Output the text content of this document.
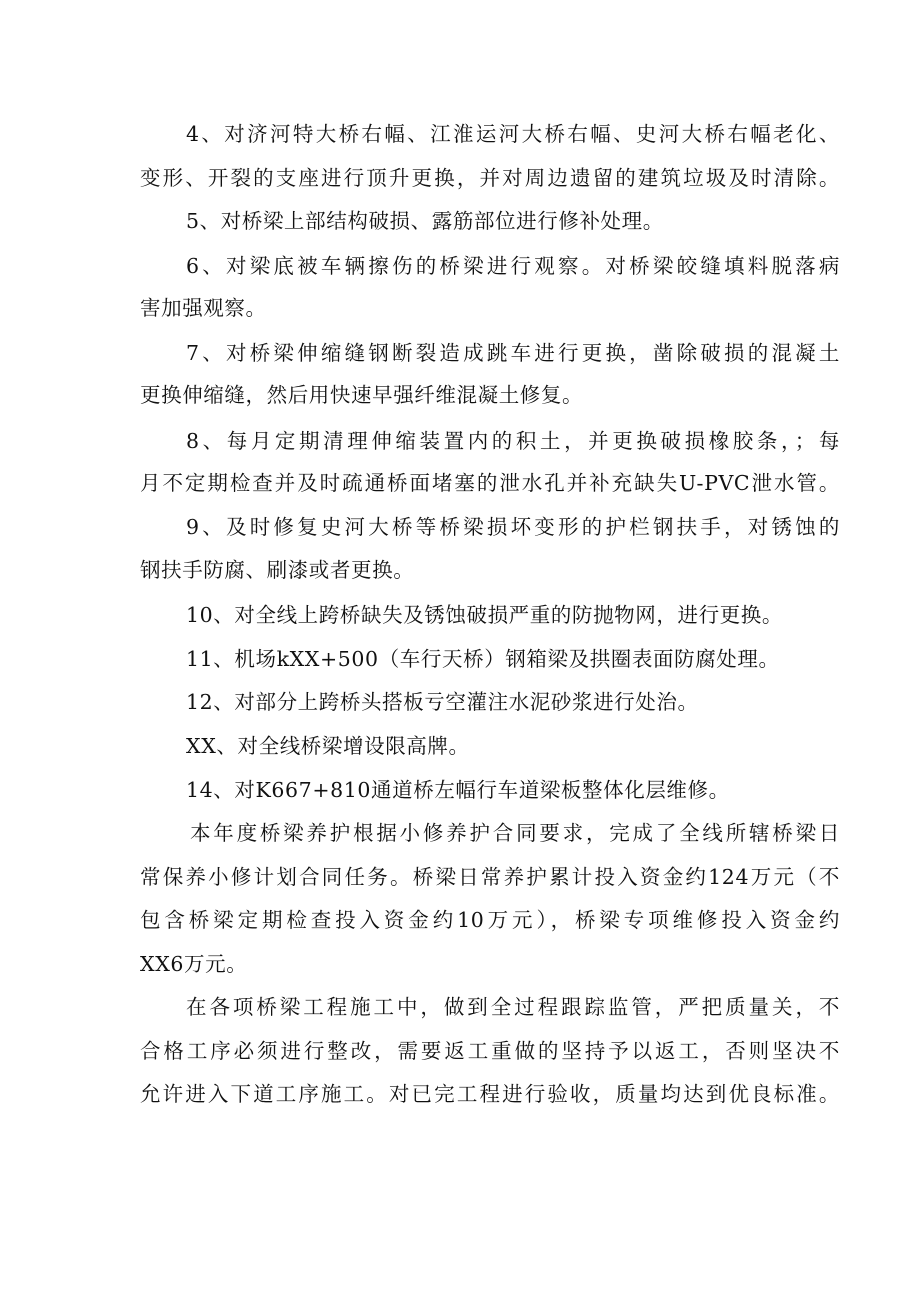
4、对济河特大桥右幅、江淮运河大桥右幅、史河大桥右幅老化、
变形、开裂的支座进行顶升更换，并对周边遗留的建筑垃圾及时清除。
5、对桥梁上部结构破损、露筋部位进行修补处理。
6、对梁底被车辆擦伤的桥梁进行观察。对桥梁皎缝填料脱落病
害加强观察。
7、对桥梁伸缩缝钢断裂造成跳车进行更换，凿除破损的混凝土
更换伸缩缝，然后用快速早强纤维混凝土修复。
8、每月定期清理伸缩装置内的积土，并更换破损橡胶条，；每
月不定期检查并及时疏通桥面堵塞的泄水孔并补充缺失U-PVC泄水管。
9、及时修复史河大桥等桥梁损坏变形的护栏钢扶手，对锈蚀的
钢扶手防腐、刷漆或者更换。
10、对全线上跨桥缺失及锈蚀破损严重的防抛物网，进行更换。
11、机场kXX+500（车行天桥）钢箱梁及拱圈表面防腐处理。
12、对部分上跨桥头搭板亏空灌注水泥砂浆进行处治。
XX、对全线桥梁增设限高牌。
14、对K667+810通道桥左幅行车道梁板整体化层维修。
本年度桥梁养护根据小修养护合同要求，完成了全线所辖桥梁日
常保养小修计划合同任务。桥梁日常养护累计投入资金约124万元（不
包含桥梁定期检查投入资金约10万元），桥梁专项维修投入资金约
XX6万元。
在各项桥梁工程施工中，做到全过程跟踪监管，严把质量关，不
合格工序必须进行整改，需要返工重做的坚持予以返工，否则坚决不
允许进入下道工序施工。对已完工程进行验收，质量均达到优良标准。
